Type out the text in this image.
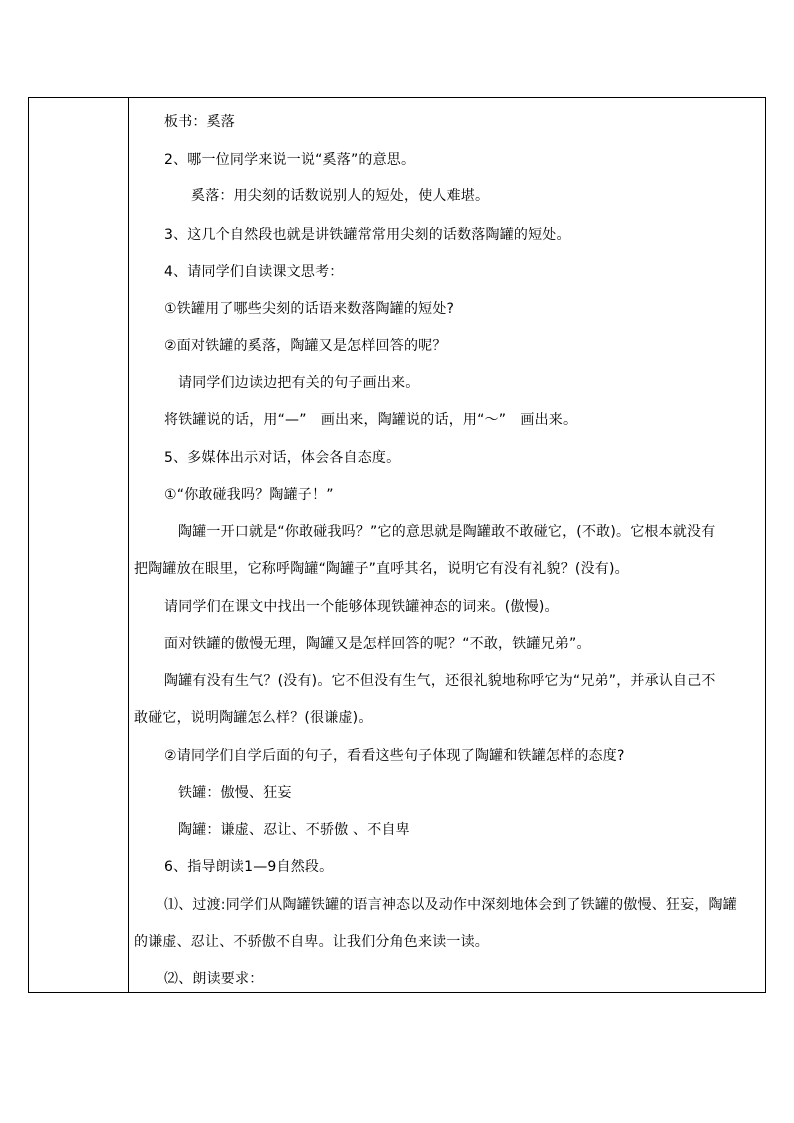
板书：奚落
2、哪一位同学来说一说“奚落”的意思。
奚落：用尖刻的话数说别人的短处，使人难堪。
3、这几个自然段也就是讲铁罐常常用尖刻的话数落陶罐的短处。
4、请同学们自读课文思考：
①铁罐用了哪些尖刻的话语来数落陶罐的短处?
②面对铁罐的奚落，陶罐又是怎样回答的呢？
请同学们边读边把有关的句子画出来。
将铁罐说的话，用“—”　画出来，陶罐说的话，用“～”　画出来。
5、多媒体出示对话，体会各自态度。
①“你敢碰我吗？陶罐子！”
陶罐一开口就是“你敢碰我吗？”它的意思就是陶罐敢不敢碰它，(不敢)。它根本就没有
把陶罐放在眼里，它称呼陶罐“陶罐子”直呼其名，说明它有没有礼貌？(没有)。
请同学们在课文中找出一个能够体现铁罐神态的词来。(傲慢)。
面对铁罐的傲慢无理，陶罐又是怎样回答的呢？“不敢，铁罐兄弟”。
陶罐有没有生气？(没有)。它不但没有生气，还很礼貌地称呼它为“兄弟”，并承认自己不
敢碰它，说明陶罐怎么样？(很谦虚)。
②请同学们自学后面的句子，看看这些句子体现了陶罐和铁罐怎样的态度?
铁罐：傲慢、狂妄
陶罐：谦虚、忍让、不骄傲 、不自卑
6、指导朗读1—9自然段。
⑴、过渡:同学们从陶罐铁罐的语言神态以及动作中深刻地体会到了铁罐的傲慢、狂妄，陶罐
的谦虚、忍让、不骄傲不自卑。让我们分角色来读一读。
⑵、朗读要求：
